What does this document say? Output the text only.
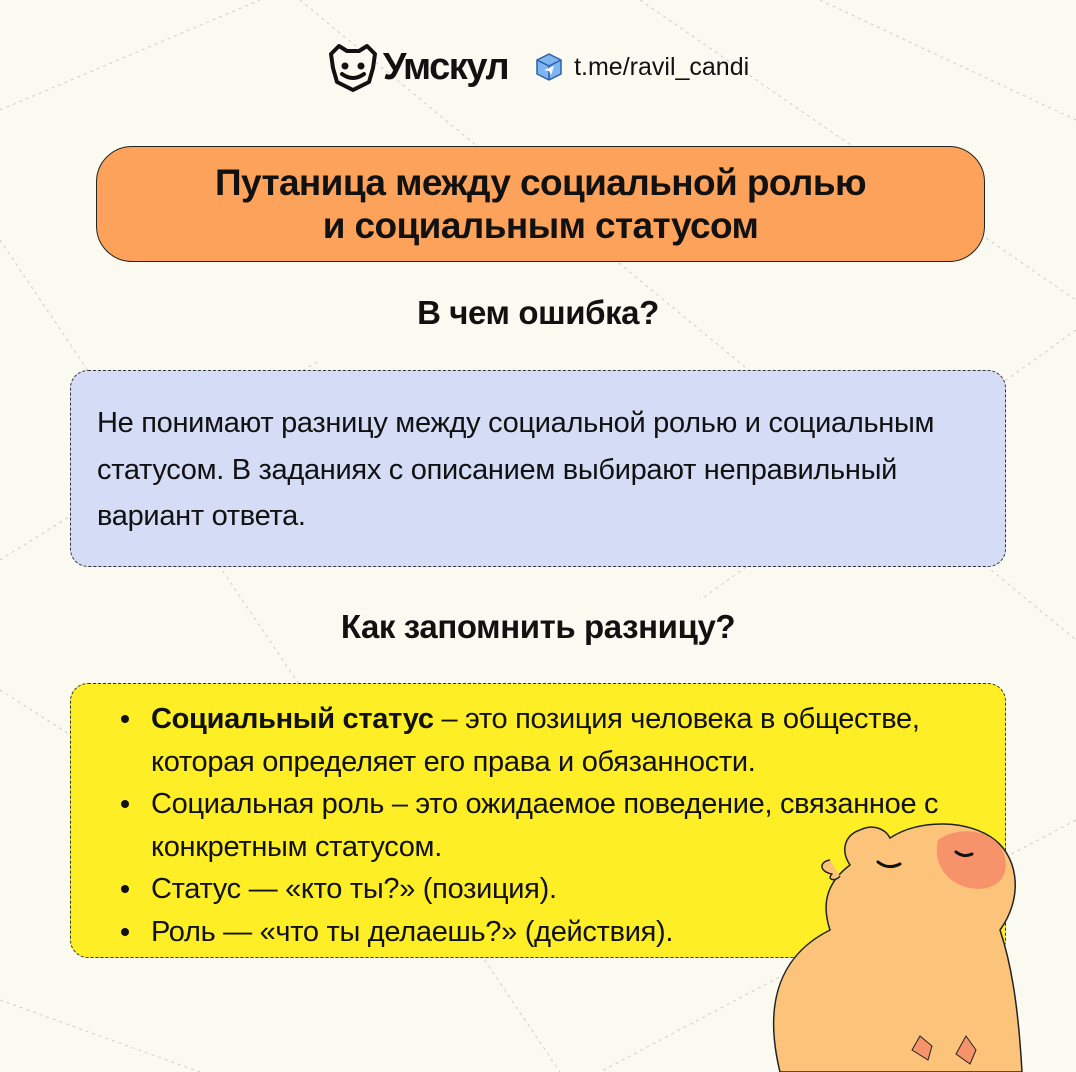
Умскул	t.me/ravil_candi
Путаница между социальной ролью
и социальным статусом
В чем ошибка?

Не понимают разницу между социальной ролью и социальным статусом. В заданиях с описанием выбирают неправильный вариант ответа.

Как запомнить разницу?
Социальный статус – это позиция человека в обществе, которая определяет его права и обязанности.
Социальная роль – это ожидаемое поведение, связанное с конкретным статусом.
Статус — «кто ты?» (позиция).
Роль — «что ты делаешь?» (действия).
